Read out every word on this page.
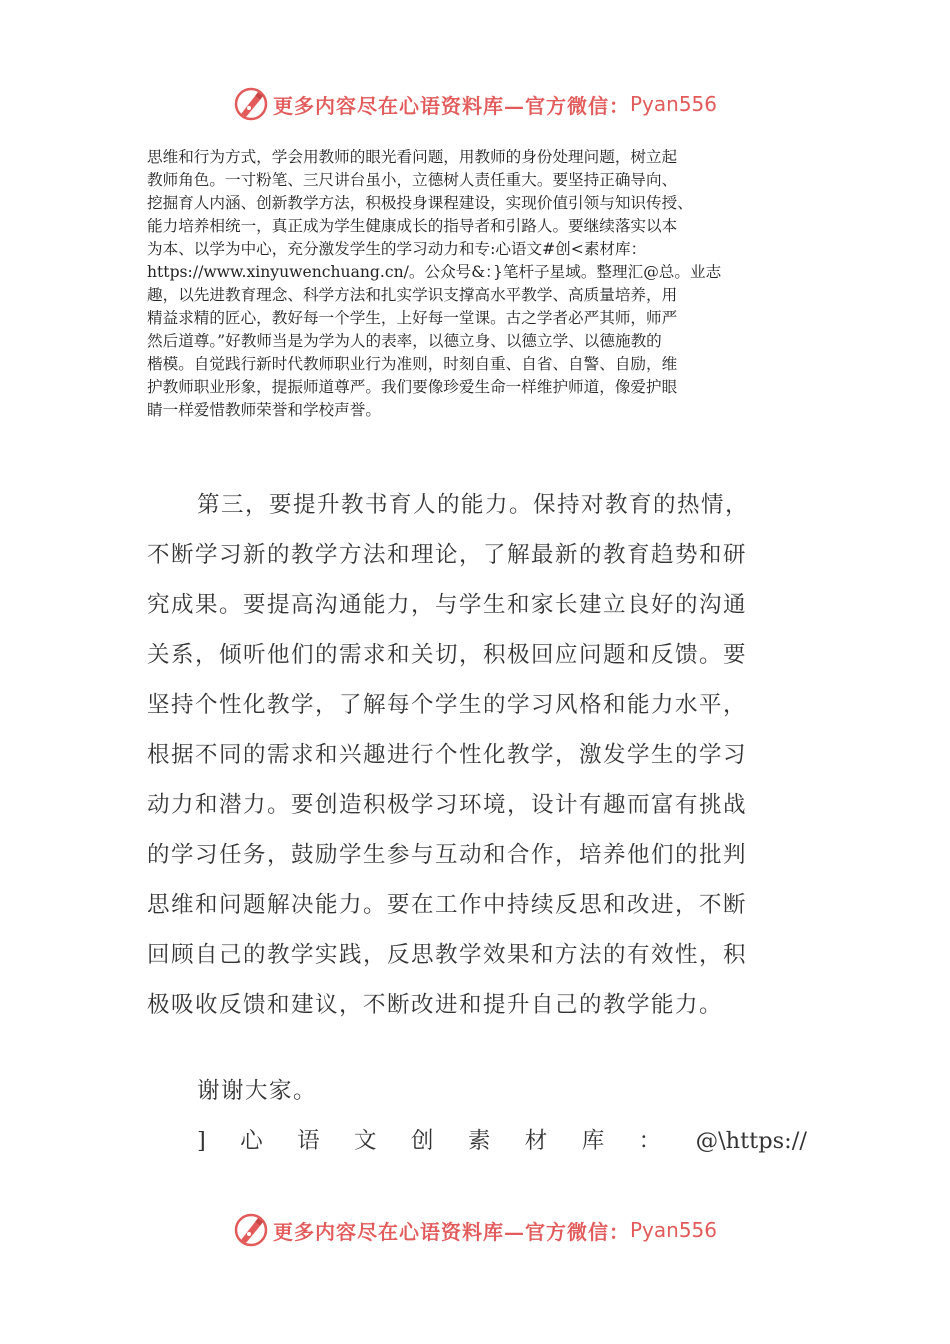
更多内容尽在心语资料库—官方微信： Pyan556
思维和行为方式，学会用教师的眼光看问题，用教师的身份处理问题，树立起
教师角色。一寸粉笔、三尺讲台虽小，立德树人责任重大。要坚持正确导向、
挖掘育人内涵、创新教学方法，积极投身课程建设，实现价值引领与知识传授、
能力培养相统一，真正成为学生健康成长的指导者和引路人。要继续落实以本
为本、以学为中心，充分激发学生的学习动力和专:心语文#创<素材库：
https://www.xinyuwenchuang.cn/。公众号&：}笔杆子星域。整理汇@总。业志
趣，以先进教育理念、科学方法和扎实学识支撑高水平教学、高质量培养，用
精益求精的匠心，教好每一个学生，上好每一堂课。古之学者必严其师，师严
然后道尊。”好教师当是为学为人的表率，以德立身、以德立学、以德施教的
楷模。自觉践行新时代教师职业行为准则，时刻自重、自省、自警、自励，维
护教师职业形象，提振师道尊严。我们要像珍爱生命一样维护师道，像爱护眼
睛一样爱惜教师荣誉和学校声誉。
第三，要提升教书育人的能力。保持对教育的热情，
不断学习新的教学方法和理论，了解最新的教育趋势和研
究成果。要提高沟通能力，与学生和家长建立良好的沟通
关系，倾听他们的需求和关切，积极回应问题和反馈。要
坚持个性化教学，了解每个学生的学习风格和能力水平，
根据不同的需求和兴趣进行个性化教学，激发学生的学习
动力和潜力。要创造积极学习环境，设计有趣而富有挑战
的学习任务，鼓励学生参与互动和合作，培养他们的批判
思维和问题解决能力。要在工作中持续反思和改进，不断
回顾自己的教学实践，反思教学效果和方法的有效性，积
极吸收反馈和建议，不断改进和提升自己的教学能力。
谢谢大家。
] 心 语 文 创 素 材 库 ： @\https://
更多内容尽在心语资料库—官方微信： Pyan556
